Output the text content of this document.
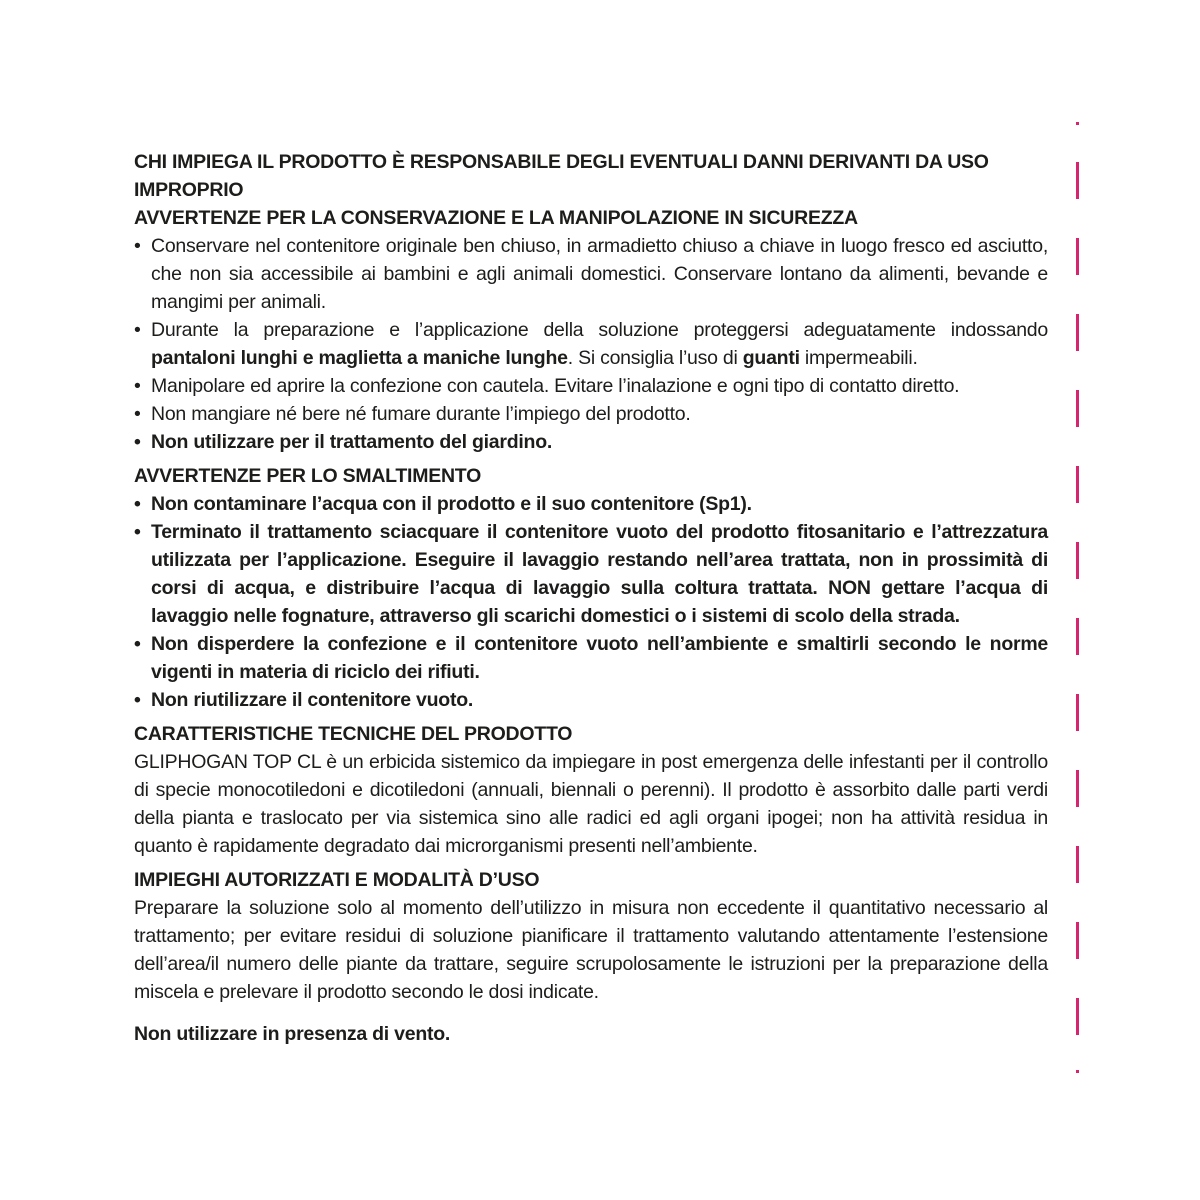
CHI IMPIEGA IL PRODOTTO È RESPONSABILE DEGLI EVENTUALI DANNI DERIVANTI DA USO IMPROPRIO
AVVERTENZE PER LA CONSERVAZIONE E LA MANIPOLAZIONE IN SICUREZZA
• Conservare nel contenitore originale ben chiuso, in armadietto chiuso a chiave in luogo fresco ed asciutto, che non sia accessibile ai bambini e agli animali domestici. Conservare lontano da alimenti, bevande e mangimi per animali.
• Durante la preparazione e l’applicazione della soluzione proteggersi adeguatamente indossando pantaloni lunghi e maglietta a maniche lunghe. Si consiglia l’uso di guanti impermeabili.
• Manipolare ed aprire la confezione con cautela. Evitare l’inalazione e ogni tipo di contatto diretto.
• Non mangiare né bere né fumare durante l’impiego del prodotto.
• Non utilizzare per il trattamento del giardino.
AVVERTENZE PER LO SMALTIMENTO
• Non contaminare l’acqua con il prodotto e il suo contenitore (Sp1).
• Terminato il trattamento sciacquare il contenitore vuoto del prodotto fitosanitario e l’attrezzatura utilizzata per l’applicazione. Eseguire il lavaggio restando nell’area trattata, non in prossimità di corsi di acqua, e distribuire l’acqua di lavaggio sulla coltura trattata. NON gettare l’acqua di lavaggio nelle fognature, attraverso gli scarichi domestici o i sistemi di scolo della strada.
• Non disperdere la confezione e il contenitore vuoto nell’ambiente e smaltirli secondo le norme vigenti in materia di riciclo dei rifiuti.
• Non riutilizzare il contenitore vuoto.
CARATTERISTICHE TECNICHE DEL PRODOTTO

GLIPHOGAN TOP CL è un erbicida sistemico da impiegare in post emergenza delle infestanti per il controllo di specie monocotiledoni e dicotiledoni (annuali, biennali o perenni). Il prodotto è assorbito dalle parti verdi della pianta e traslocato per via sistemica sino alle radici ed agli organi ipogei; non ha attività residua in quanto è rapidamente degradato dai microrganismi presenti nell’ambiente.

IMPIEGHI AUTORIZZATI E MODALITÀ D’USO

Preparare la soluzione solo al momento dell’utilizzo in misura non eccedente il quantitativo necessario al trattamento; per evitare residui di soluzione pianificare il trattamento valutando attentamente l’estensione dell’area/il numero delle piante da trattare, seguire scrupolosamente le istruzioni per la preparazione della miscela e prelevare il prodotto secondo le dosi indicate.

Non utilizzare in presenza di vento.
